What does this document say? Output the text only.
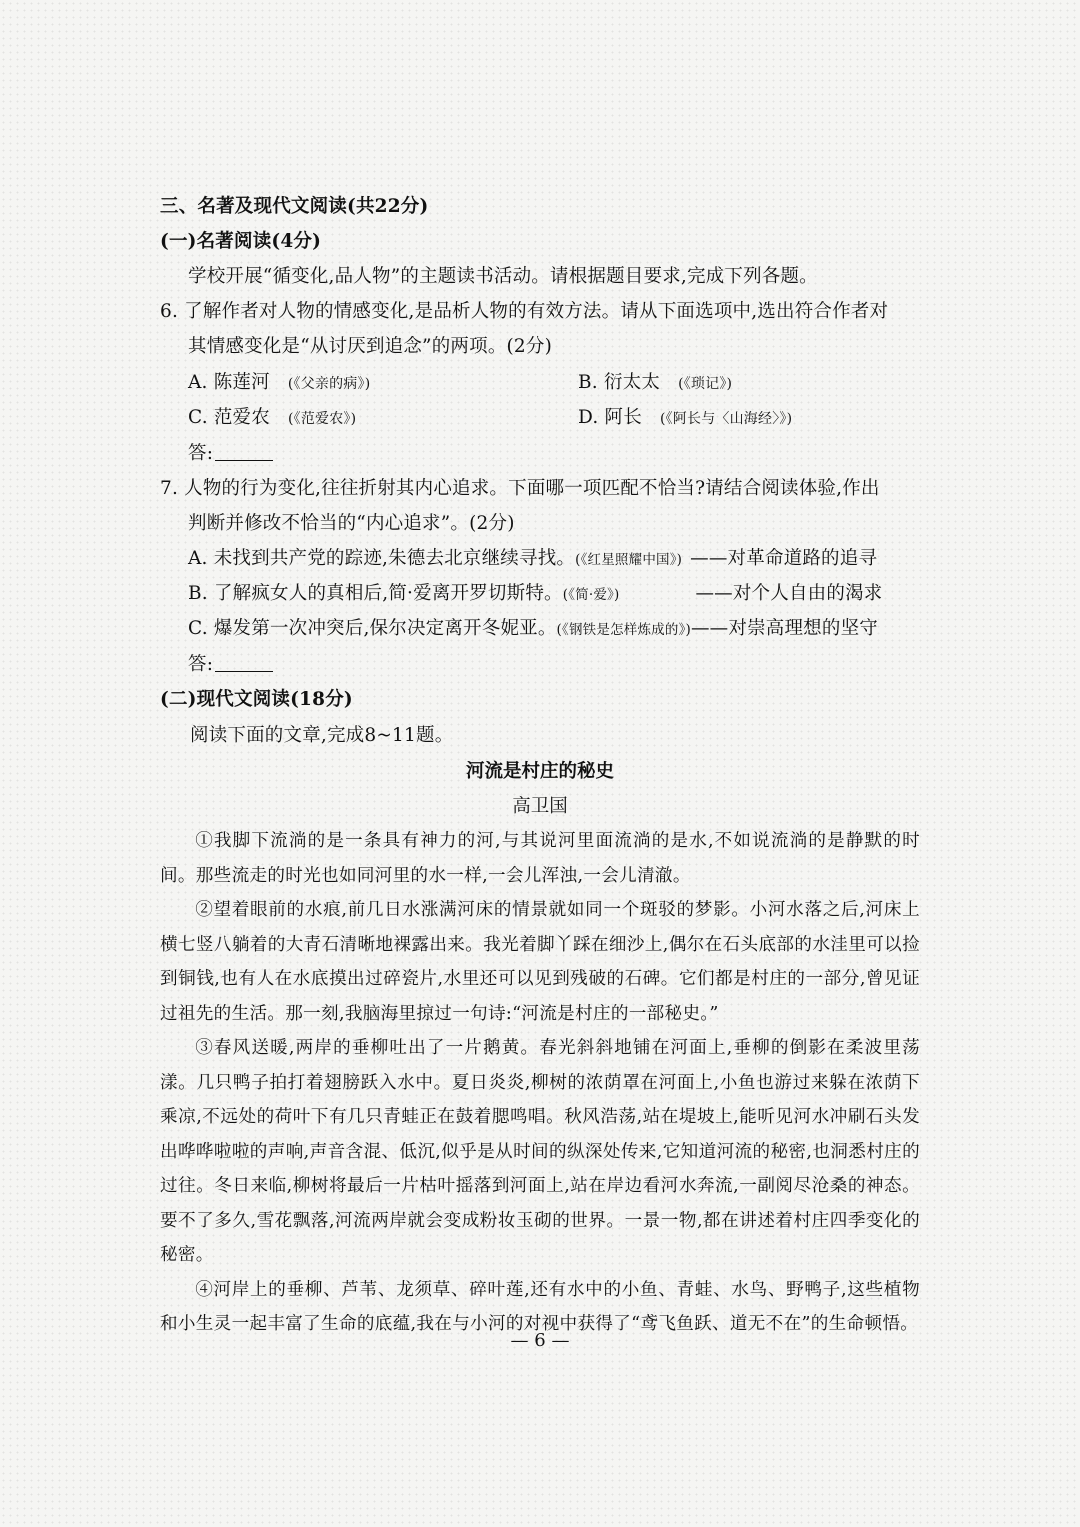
三、名著及现代文阅读(共22分)
(一)名著阅读(4分)
学校开展“循变化,品人物”的主题读书活动。请根据题目要求,完成下列各题。
6. 了解作者对人物的情感变化,是品析人物的有效方法。请从下面选项中,选出符合作者对
其情感变化是“从讨厌到追念”的两项。(2分)
A. 陈莲河 (《父亲的病》)	B. 衍太太 (《琐记》)
C. 范爱农 (《范爱农》)	D. 阿长 (《阿长与〈山海经〉》)
答:
7. 人物的行为变化,往往折射其内心追求。下面哪一项匹配不恰当?请结合阅读体验,作出
判断并修改不恰当的“内心追求”。(2分)
A. 未找到共产党的踪迹,朱德去北京继续寻找。(《红星照耀中国》) ——对革命道路的追寻
B. 了解疯女人的真相后,简·爱离开罗切斯特。(《简·爱》)	——对个人自由的渴求
C. 爆发第一次冲突后,保尔决定离开冬妮亚。(《钢铁是怎样炼成的》)——对崇高理想的坚守
答:
(二)现代文阅读(18分)
阅读下面的文章,完成8~11题。
河流是村庄的秘史
高卫国

①我脚下流淌的是一条具有神力的河,与其说河里面流淌的是水,不如说流淌的是静默的时间。那些流走的时光也如同河里的水一样,一会儿浑浊,一会儿清澈。

②望着眼前的水痕,前几日水涨满河床的情景就如同一个斑驳的梦影。小河水落之后,河床上横七竖八躺着的大青石清晰地裸露出来。我光着脚丫踩在细沙上,偶尔在石头底部的水洼里可以捡到铜钱,也有人在水底摸出过碎瓷片,水里还可以见到残破的石碑。它们都是村庄的一部分,曾见证过祖先的生活。那一刻,我脑海里掠过一句诗:“河流是村庄的一部秘史。”

③春风送暖,两岸的垂柳吐出了一片鹅黄。春光斜斜地铺在河面上,垂柳的倒影在柔波里荡漾。几只鸭子拍打着翅膀跃入水中。夏日炎炎,柳树的浓荫罩在河面上,小鱼也游过来躲在浓荫下乘凉,不远处的荷叶下有几只青蛙正在鼓着腮鸣唱。秋风浩荡,站在堤坡上,能听见河水冲刷石头发出哗哗啦啦的声响,声音含混、低沉,似乎是从时间的纵深处传来,它知道河流的秘密,也洞悉村庄的过往。冬日来临,柳树将最后一片枯叶摇落到河面上,站在岸边看河水奔流,一副阅尽沧桑的神态。要不了多久,雪花飘落,河流两岸就会变成粉妆玉砌的世界。一景一物,都在讲述着村庄四季变化的秘密。

④河岸上的垂柳、芦苇、龙须草、碎叶莲,还有水中的小鱼、青蛙、水鸟、野鸭子,这些植物和小生灵一起丰富了生命的底蕴,我在与小河的对视中获得了“鸢飞鱼跃、道无不在”的生命顿悟。

— 6 —
